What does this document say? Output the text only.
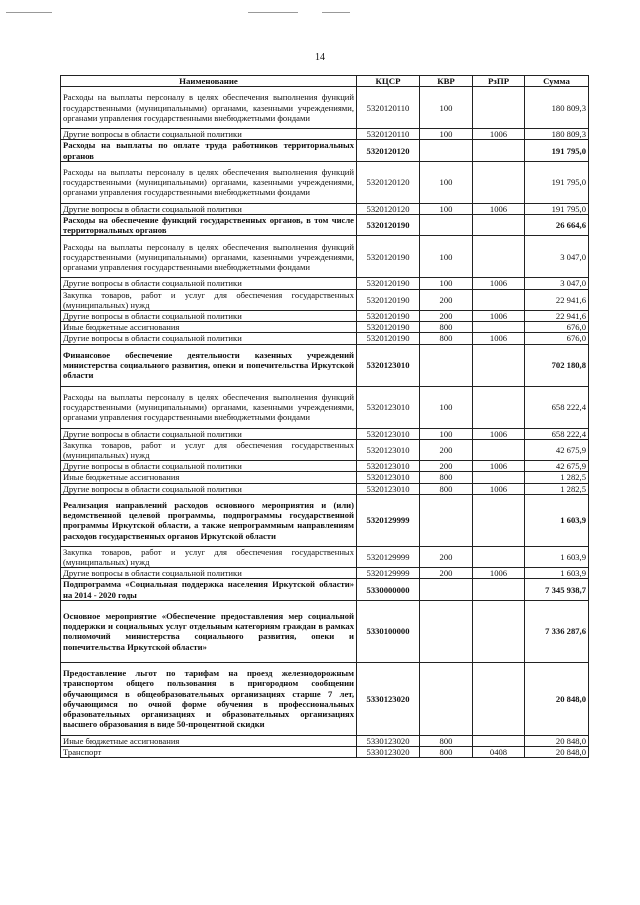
14
Наименование	КЦСР	КВР	РзПР	Сумма
Расходы на выплаты персоналу в целях обеспечения выполнения функций государственными (муниципальными) органами, казенными учреждениями, органами управления государственными внебюджетными фондами	5320120110	100		180 809,3
Другие вопросы в области социальной политики	5320120110	100	1006	180 809,3
Расходы на выплаты по оплате труда работников территориальных органов	5320120120			191 795,0
Расходы на выплаты персоналу в целях обеспечения выполнения функций государственными (муниципальными) органами, казенными учреждениями, органами управления государственными внебюджетными фондами	5320120120	100		191 795,0
Другие вопросы в области социальной политики	5320120120	100	1006	191 795,0
Расходы на обеспечение функций государственных органов, в том числе территориальных органов	5320120190			26 664,6
Расходы на выплаты персоналу в целях обеспечения выполнения функций государственными (муниципальными) органами, казенными учреждениями, органами управления государственными внебюджетными фондами	5320120190	100		3 047,0
Другие вопросы в области социальной политики	5320120190	100	1006	3 047,0
Закупка товаров, работ и услуг для обеспечения государственных (муниципальных) нужд	5320120190	200		22 941,6
Другие вопросы в области социальной политики	5320120190	200	1006	22 941,6
Иные бюджетные ассигнования	5320120190	800		676,0
Другие вопросы в области социальной политики	5320120190	800	1006	676,0
Финансовое обеспечение деятельности казенных учреждений министерства социального развития, опеки и попечительства Иркутской области	5320123010			702 180,8
Расходы на выплаты персоналу в целях обеспечения выполнения функций государственными (муниципальными) органами, казенными учреждениями, органами управления государственными внебюджетными фондами	5320123010	100		658 222,4
Другие вопросы в области социальной политики	5320123010	100	1006	658 222,4
Закупка товаров, работ и услуг для обеспечения государственных (муниципальных) нужд	5320123010	200		42 675,9
Другие вопросы в области социальной политики	5320123010	200	1006	42 675,9
Иные бюджетные ассигнования	5320123010	800		1 282,5
Другие вопросы в области социальной политики	5320123010	800	1006	1 282,5
Реализация направлений расходов основного мероприятия и (или) ведомственной целевой программы, подпрограммы государственной программы Иркутской области, а также непрограммным направлениям расходов государственных органов Иркутской области	5320129999			1 603,9
Закупка товаров, работ и услуг для обеспечения государственных (муниципальных) нужд	5320129999	200		1 603,9
Другие вопросы в области социальной политики	5320129999	200	1006	1 603,9
Подпрограмма «Социальная поддержка населения Иркутской области» на 2014 - 2020 годы	5330000000			7 345 938,7
Основное мероприятие «Обеспечение предоставления мер социальной поддержки и социальных услуг отдельным категориям граждан в рамках полномочий министерства социального развития, опеки и попечительства Иркутской области»	5330100000			7 336 287,6
Предоставление льгот по тарифам на проезд железнодорожным транспортом общего пользования в пригородном сообщении обучающимся в общеобразовательных организациях старше 7 лет, обучающимся по очной форме обучения в профессиональных образовательных организациях и образовательных организациях высшего образования в виде 50-процентной скидки	5330123020			20 848,0
Иные бюджетные ассигнования	5330123020	800		20 848,0
Транспорт	5330123020	800	0408	20 848,0
